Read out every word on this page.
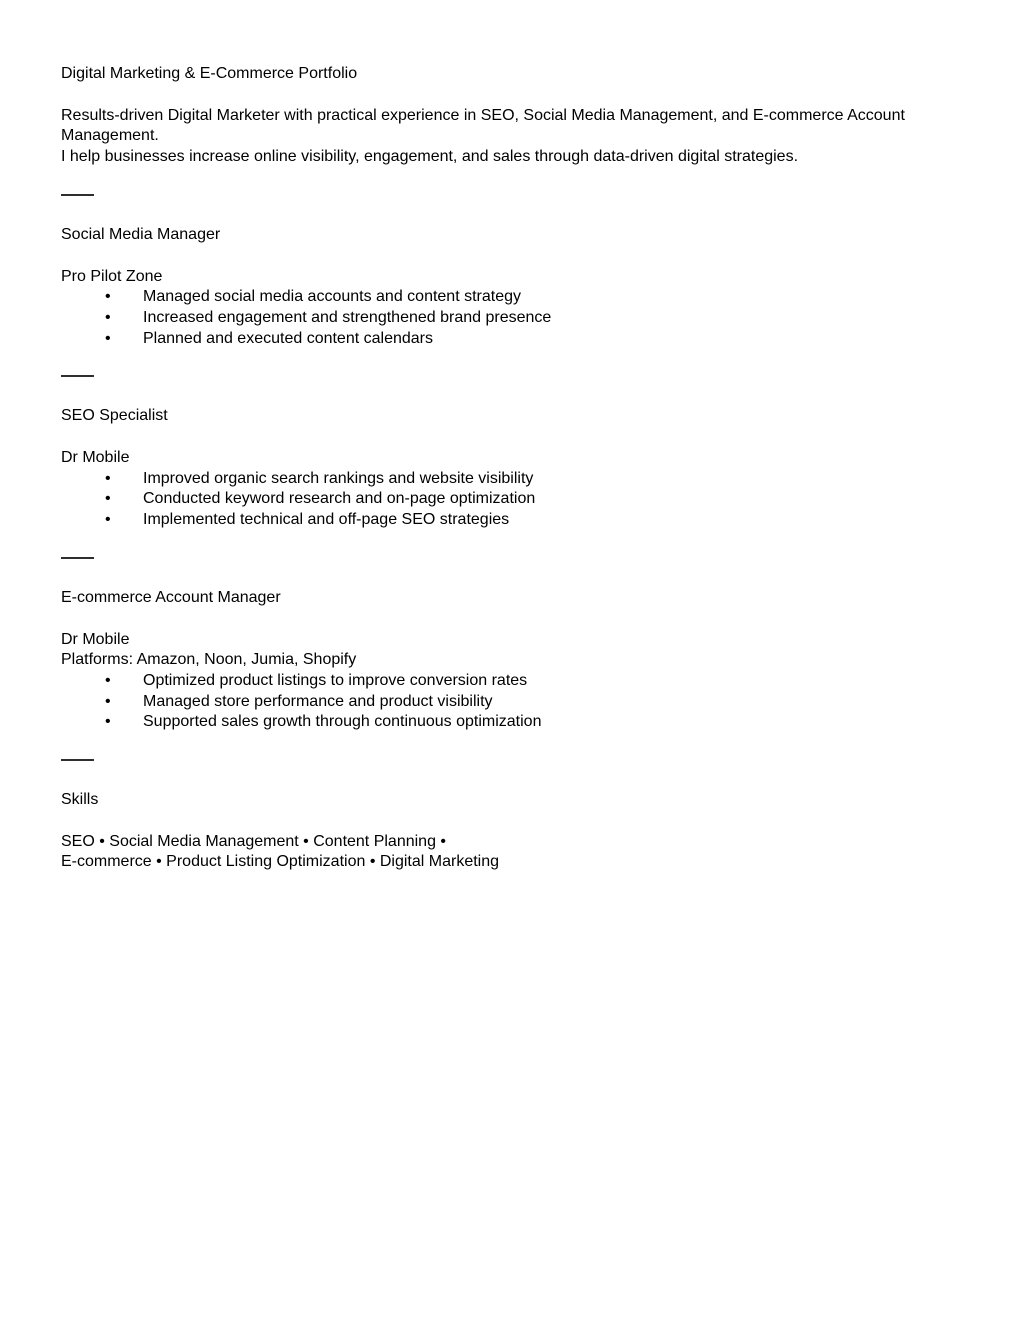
Digital Marketing & E-Commerce Portfolio

Results-driven Digital Marketer with practical experience in SEO, Social Media Management, and E-commerce Account
Management.
I help businesses increase online visibility, engagement, and sales through data-driven digital strategies.

Social Media Manager

Pro Pilot Zone
• Managed social media accounts and content strategy
• Increased engagement and strengthened brand presence
• Planned and executed content calendars

SEO Specialist

Dr Mobile
• Improved organic search rankings and website visibility
• Conducted keyword research and on-page optimization
• Implemented technical and off-page SEO strategies

E-commerce Account Manager

Dr Mobile
Platforms: Amazon, Noon, Jumia, Shopify
• Optimized product listings to improve conversion rates
• Managed store performance and product visibility
• Supported sales growth through continuous optimization

Skills

SEO • Social Media Management • Content Planning •
E-commerce • Product Listing Optimization • Digital Marketing
